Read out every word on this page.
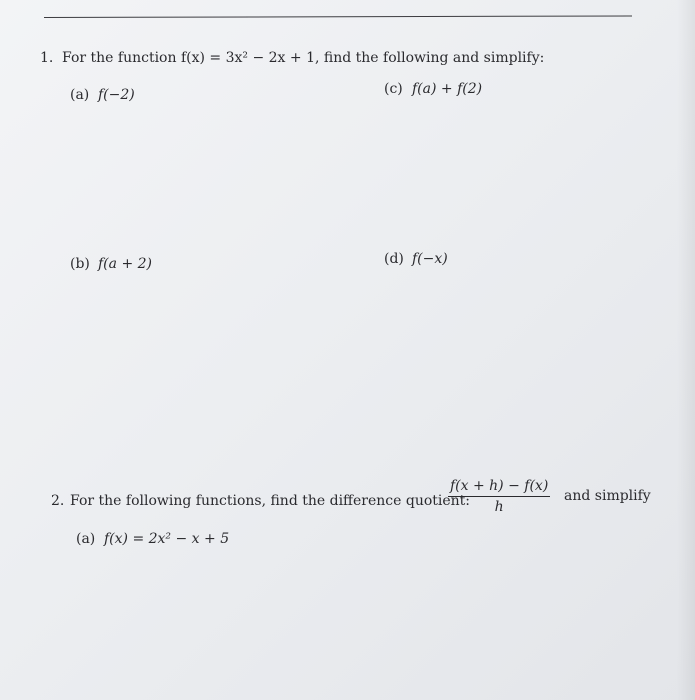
1. For the function f(x) = 3x² − 2x + 1, find the following and simplify:
(a) f(−2)	(c) f(a) + f(2)
(b) f(a + 2)	(d) f(−x)
2. For the following functions, find the difference quotient:
$\frac{f(x + h) - f(x)}{h}$ and simplify
(a) f(x) = 2x² − x + 5
